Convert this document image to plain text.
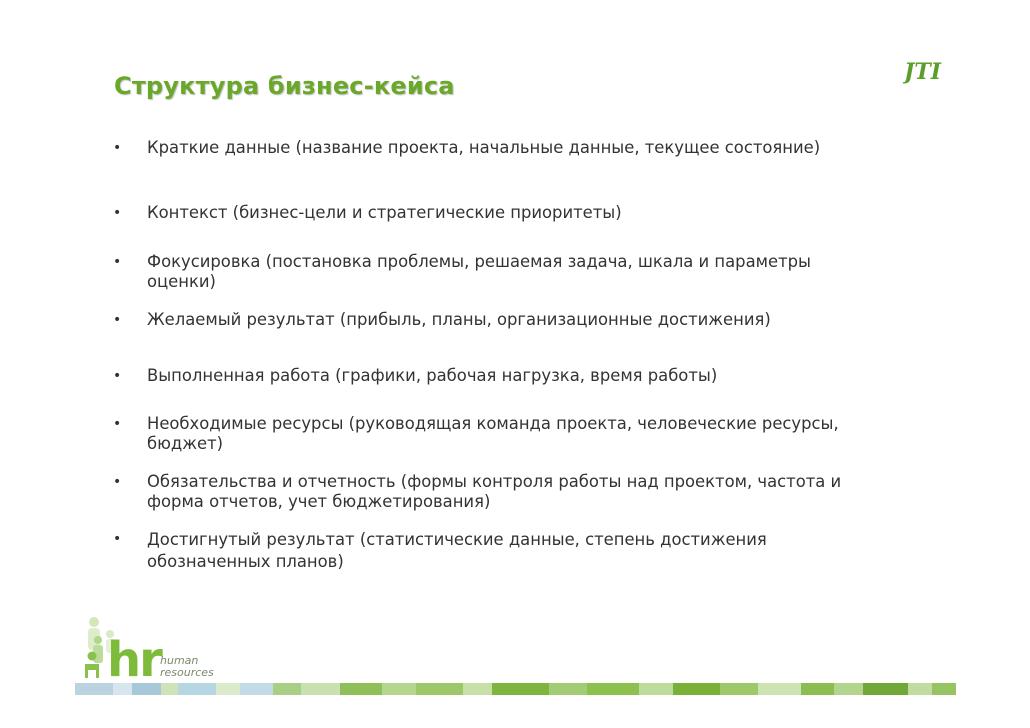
Структура бизнес-кейса	JTI
•	Краткие данные (название проекта, начальные данные, текущее состояние)
•	Контекст (бизнес-цели и стратегические приоритеты)
•	Фокусировка (постановка проблемы, решаемая задача, шкала и параметры оценки)
•	Желаемый результат (прибыль, планы, организационные достижения)
•	Выполненная работа (графики, рабочая нагрузка, время работы)
•	Необходимые ресурсы (руководящая команда проекта, человеческие ресурсы, бюджет)
•	Обязательства и отчетность (формы контроля работы над проектом, частота и форма отчетов, учет бюджетирования)
•	Достигнутый результат (статистические данные, степень достижения обозначенных планов)
hr human
resources
